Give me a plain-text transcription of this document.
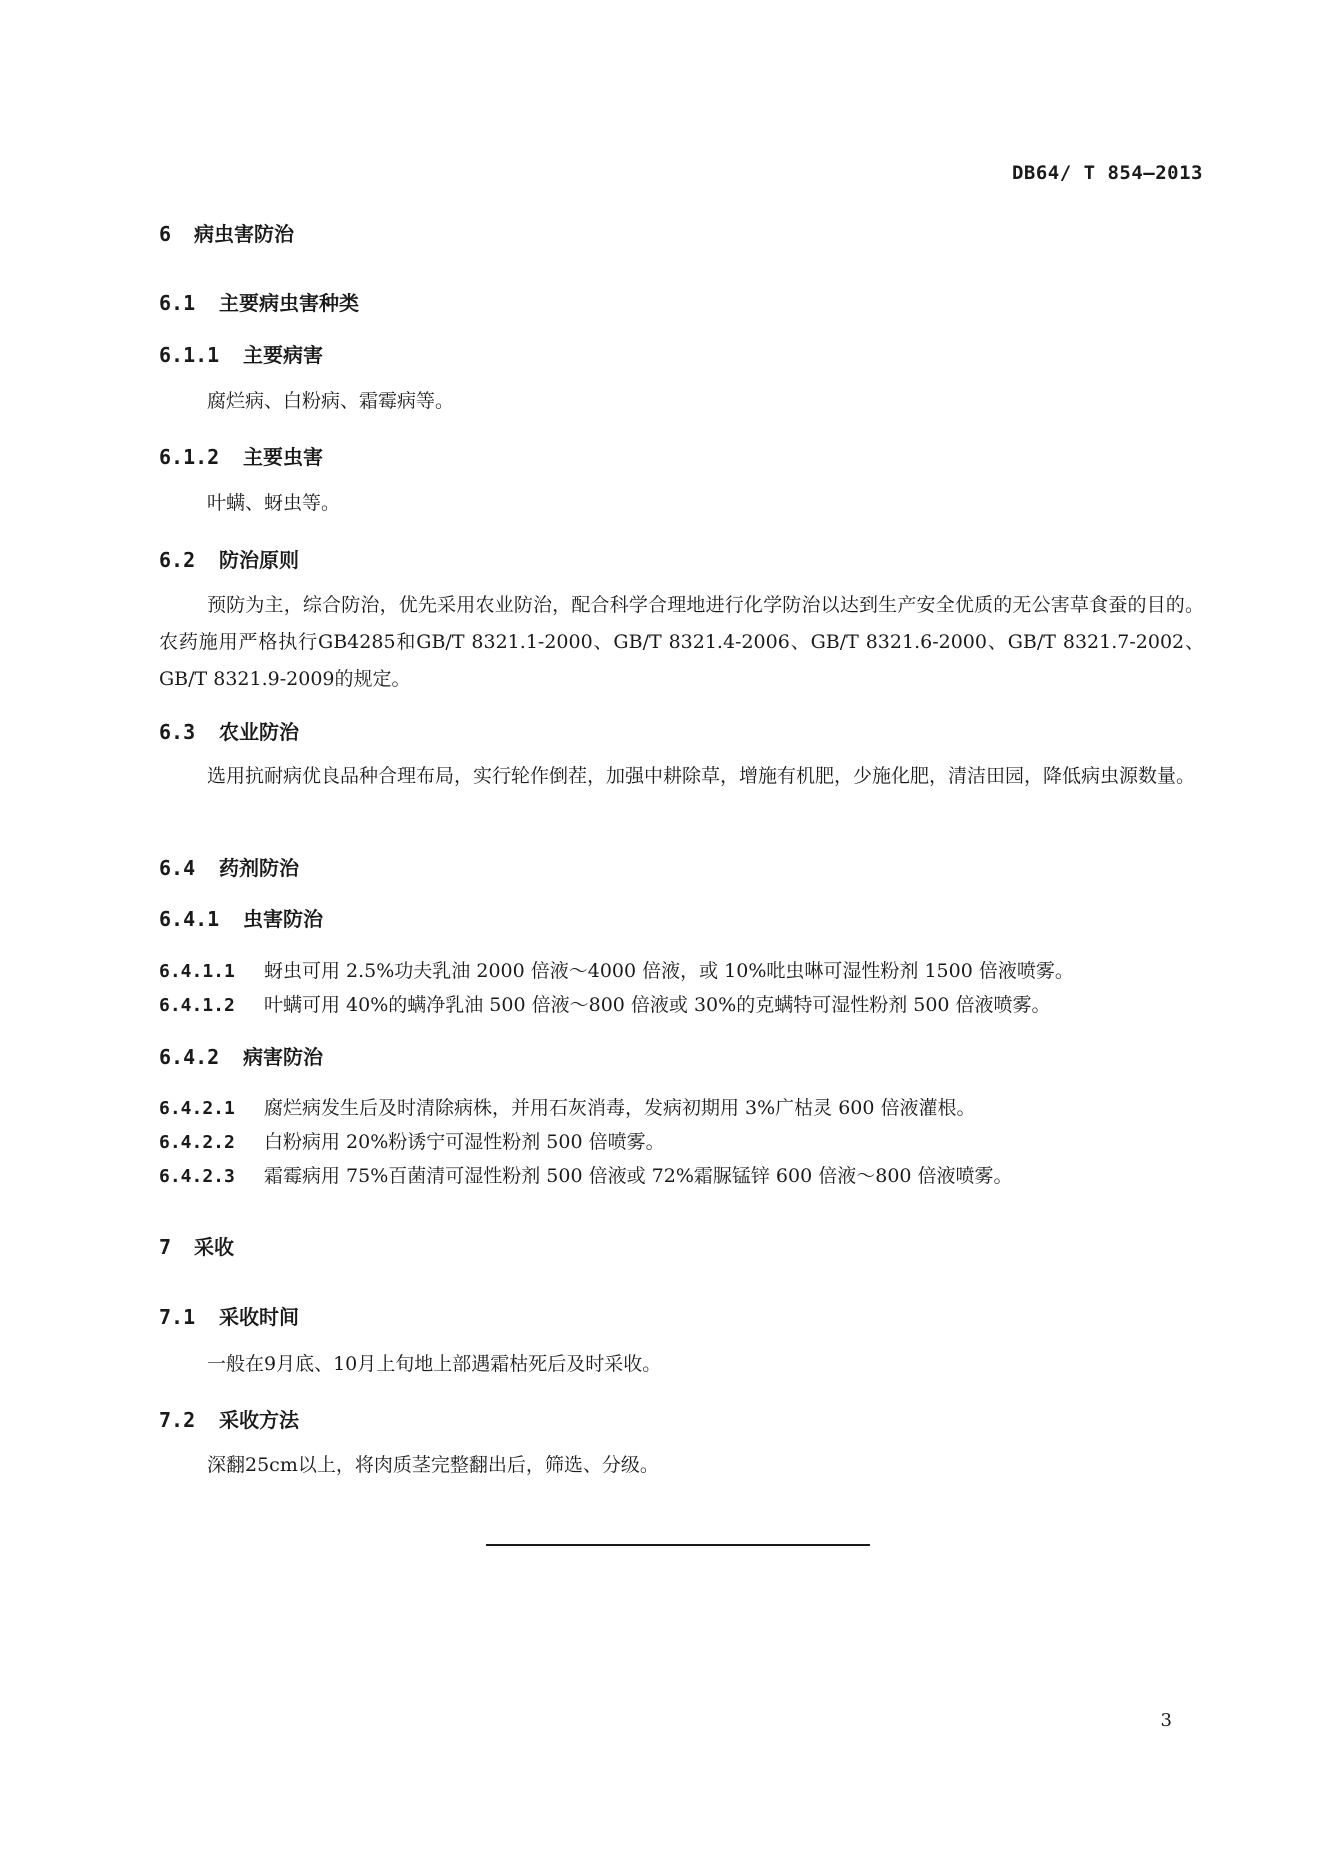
DB64/ T 854—2013
6 病虫害防治
6.1 主要病虫害种类
6.1.1 主要病害
腐烂病、白粉病、霜霉病等。
6.1.2 主要虫害
叶螨、蚜虫等。
6.2 防治原则
预防为主，综合防治，优先采用农业防治，配合科学合理地进行化学防治以达到生产安全优质的无公害草食蚕的目的。农药施用严格执行GB4285和GB/T 8321.1-2000、GB/T 8321.4-2006、GB/T 8321.6-2000、GB/T 8321.7-2002、GB/T 8321.9-2009的规定。
6.3 农业防治
选用抗耐病优良品种合理布局，实行轮作倒茬，加强中耕除草，增施有机肥，少施化肥，清洁田园，降低病虫源数量。
6.4 药剂防治
6.4.1 虫害防治
6.4.1.1 蚜虫可用 2.5%功夫乳油 2000 倍液～4000 倍液，或 10%吡虫啉可湿性粉剂 1500 倍液喷雾。
6.4.1.2 叶螨可用 40%的螨净乳油 500 倍液～800 倍液或 30%的克螨特可湿性粉剂 500 倍液喷雾。
6.4.2 病害防治
6.4.2.1 腐烂病发生后及时清除病株，并用石灰消毒，发病初期用 3%广枯灵 600 倍液灌根。
6.4.2.2 白粉病用 20%粉诱宁可湿性粉剂 500 倍喷雾。
6.4.2.3 霜霉病用 75%百菌清可湿性粉剂 500 倍液或 72%霜脲锰锌 600 倍液～800 倍液喷雾。
7 采收
7.1 采收时间
一般在9月底、10月上旬地上部遇霜枯死后及时采收。
7.2 采收方法
深翻25cm以上，将肉质茎完整翻出后，筛选、分级。
3
